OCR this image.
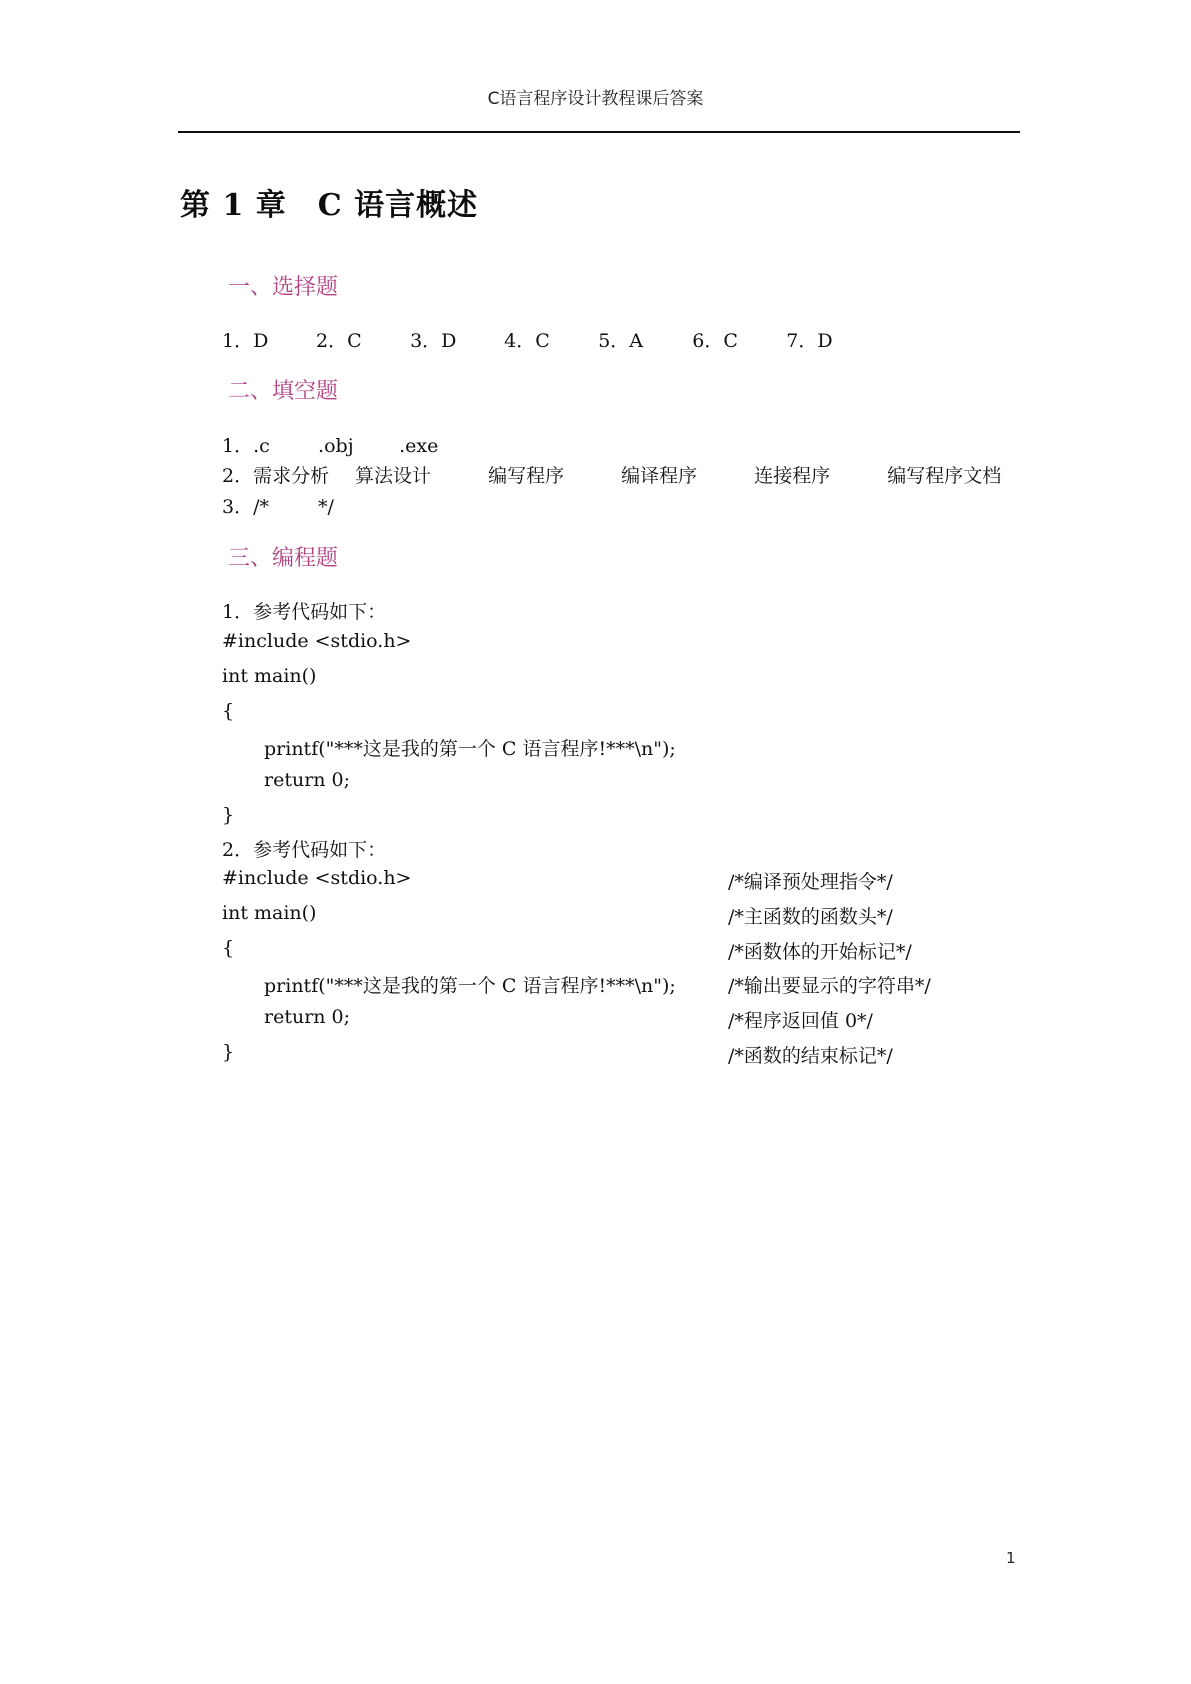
C语言程序设计教程课后答案
第 1 章　C 语言概述
一、选择题
1．D	2．C	3．D	4．C	5．A	6．C	7．D
二、填空题
1．.c	.obj .exe
2．需求分析 算法设计	编写程序	编译程序	连接程序	编写程序文档
3．/*	*/
三、编程题
1．参考代码如下：
#include <stdio.h>
int main()
{
printf("***这是我的第一个 C 语言程序!***\n");
return 0;
}
2．参考代码如下：
#include <stdio.h>	/*编译预处理指令*/
int main()	/*主函数的函数头*/
{	/*函数体的开始标记*/
printf("***这是我的第一个 C 语言程序!***\n");	/*输出要显示的字符串*/
return 0;	/*程序返回值 0*/
}	/*函数的结束标记*/
1
